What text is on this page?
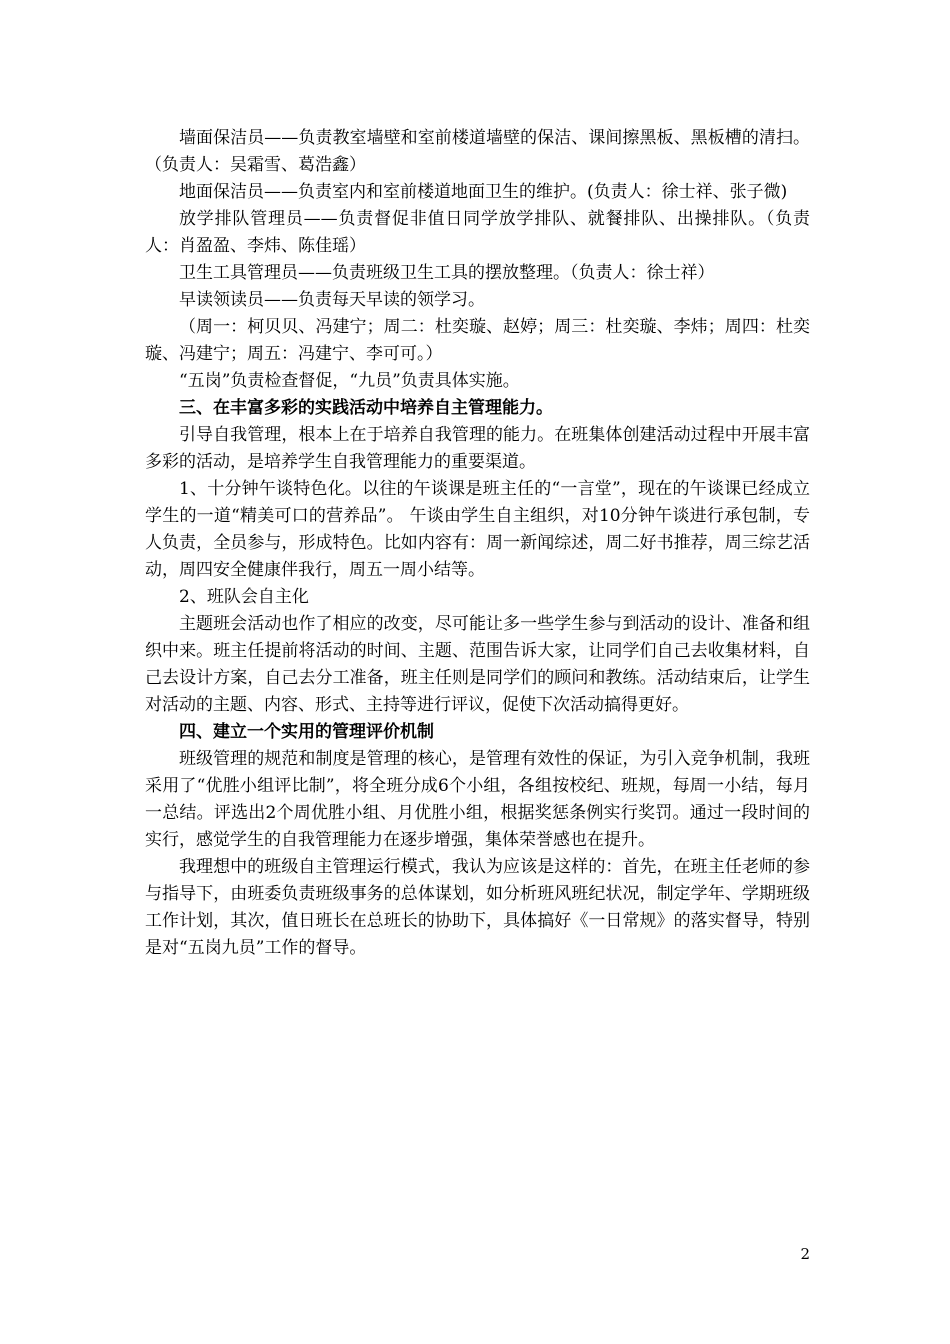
墙面保洁员——负责教室墙壁和室前楼道墙壁的保洁、课间擦黑板、黑板槽的清扫。（负责人：吴霜雪、葛浩鑫）

地面保洁员——负责室内和室前楼道地面卫生的维护。(负责人：徐士祥、张子微)

放学排队管理员——负责督促非值日同学放学排队、就餐排队、出操排队。（负责人：肖盈盈、李炜、陈佳瑶）

卫生工具管理员——负责班级卫生工具的摆放整理。（负责人：徐士祥）

早读领读员——负责每天早读的领学习。

（周一：柯贝贝、冯建宁；周二：杜奕璇、赵婷；周三：杜奕璇、李炜；周四：杜奕璇、冯建宁；周五：冯建宁、李可可。）

“五岗”负责检查督促，“九员”负责具体实施。

三、在丰富多彩的实践活动中培养自主管理能力。

引导自我管理，根本上在于培养自我管理的能力。在班集体创建活动过程中开展丰富多彩的活动，是培养学生自我管理能力的重要渠道。

1、十分钟午谈特色化。以往的午谈课是班主任的“一言堂”，现在的午谈课已经成立学生的一道“精美可口的营养品”。 午谈由学生自主组织，对10分钟午谈进行承包制，专人负责，全员参与，形成特色。比如内容有：周一新闻综述，周二好书推荐，周三综艺活动，周四安全健康伴我行，周五一周小结等。

2、班队会自主化

主题班会活动也作了相应的改变，尽可能让多一些学生参与到活动的设计、准备和组织中来。班主任提前将活动的时间、主题、范围告诉大家，让同学们自己去收集材料，自己去设计方案，自己去分工准备，班主任则是同学们的顾问和教练。活动结束后，让学生对活动的主题、内容、形式、主持等进行评议，促使下次活动搞得更好。

四、建立一个实用的管理评价机制

班级管理的规范和制度是管理的核心，是管理有效性的保证，为引入竞争机制，我班采用了“优胜小组评比制”，将全班分成6个小组，各组按校纪、班规，每周一小结，每月一总结。评选出2个周优胜小组、月优胜小组，根据奖惩条例实行奖罚。通过一段时间的实行，感觉学生的自我管理能力在逐步增强，集体荣誉感也在提升。

我理想中的班级自主管理运行模式，我认为应该是这样的：首先，在班主任老师的参与指导下，由班委负责班级事务的总体谋划，如分析班风班纪状况，制定学年、学期班级工作计划，其次，值日班长在总班长的协助下，具体搞好《一日常规》的落实督导，特别是对“五岗九员”工作的督导。

2
